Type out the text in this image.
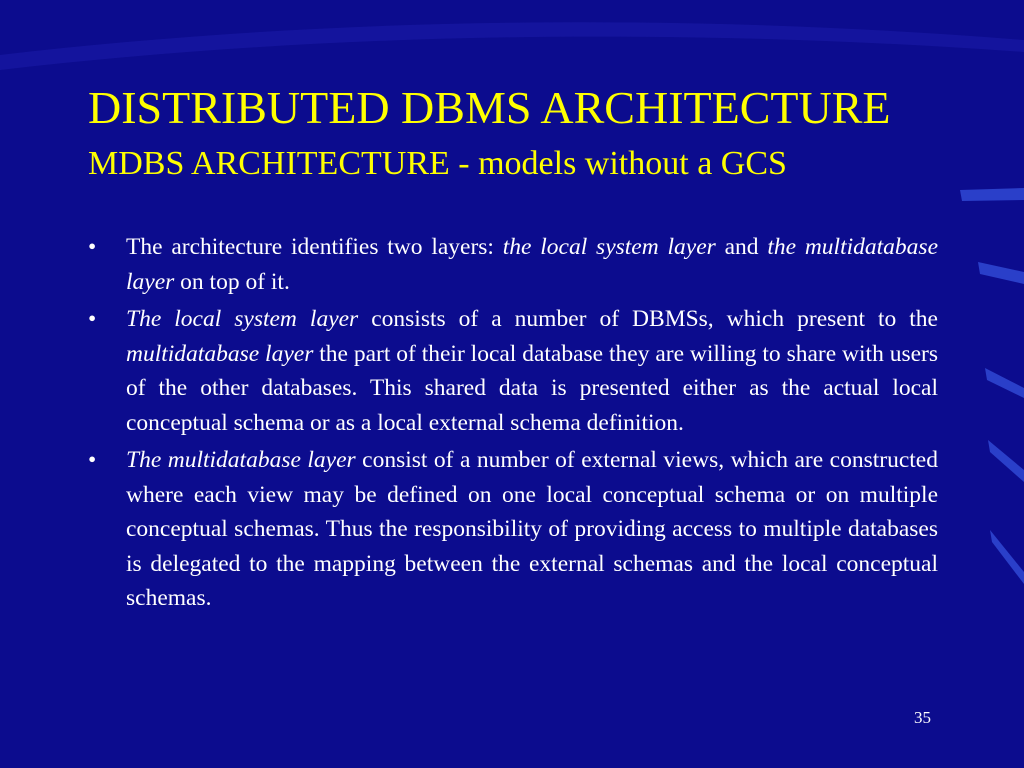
DISTRIBUTED DBMS ARCHITECTURE
MDBS ARCHITECTURE - models without a GCS
• The architecture identifies two layers: the local system layer and the multidatabase layer on top of it.
• The local system layer consists of a number of DBMSs, which present to the multidatabase layer the part of their local database they are willing to share with users of the other databases. This shared data is presented either as the actual local conceptual schema or as a local external schema definition.
• The multidatabase layer consist of a number of external views, which are constructed where each view may be defined on one local conceptual schema or on multiple conceptual schemas. Thus the responsibility of providing access to multiple databases is delegated to the mapping between the external schemas and the local conceptual schemas.
35
